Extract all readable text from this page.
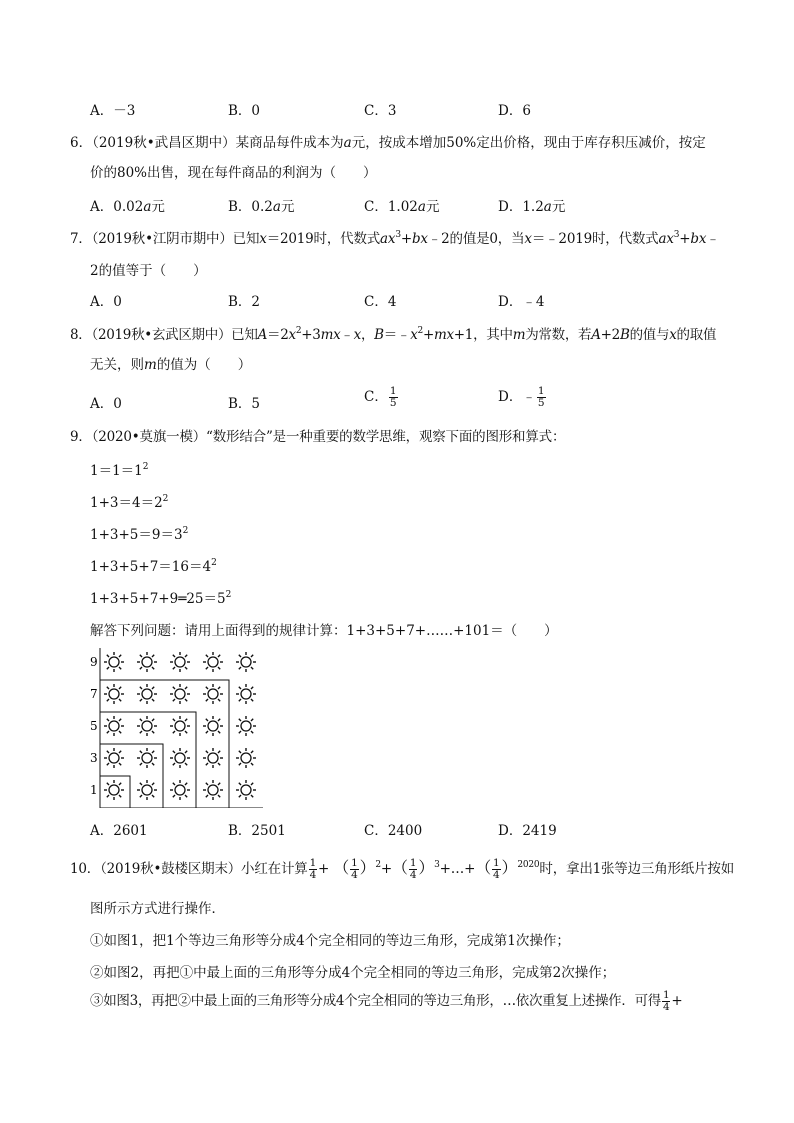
A．－3	B．0	C．3	D．6
6．（2019秋•武昌区期中）某商品每件成本为a元，按成本增加50%定出价格，现由于库存积压减价，按定
价的80%出售，现在每件商品的利润为（　　）
A．0.02a元	B．0.2a元	C．1.02a元	D．1.2a元
7．（2019秋•江阴市期中）已知x＝2019时，代数式$ax^3+bx﹣2$的值是0，当x＝﹣2019时，代数式$ax^3+bx﹣$
2的值等于（　　）
A．0	B．2	C．4	D．﹣4
8．（2019秋•玄武区期中）已知$A=2x^2+3mx﹣x$，$B=﹣x^2+mx+1$，其中m为常数，若A+2B的值与x的取值
无关，则m的值为（　　）
A．0	B．5	C． $\frac{1}{5}$	D．﹣ $\frac{1}{5}$
9．（2020•莫旗一模）“数形结合”是一种重要的数学思维，观察下面的图形和算式：
$1=1=1^2$
$1+3=4=2^2$
$1+3+5=9=3^2$
$1+3+5+7=16=4^2$
$1+3+5+7+9═25=5^2$
解答下列问题：请用上面得到的规律计算：1+3+5+7+……+101＝（　　）
9
7
5
3
1
A．2601	B．2501	C．2400	D．2419
10．（2019秋•鼓楼区期末）小红在计算 $\frac{1}{4}$ + （ $\frac{1}{4} )^2+( \frac{1}{4}$ ）$^3+\dots+( \frac{1}{4} )^{2020}$时，拿出1张等边三角形纸片按如
图所示方式进行操作．
①如图1，把1个等边三角形等分成4个完全相同的等边三角形，完成第1次操作；
②如图2，再把①中最上面的三角形等分成4个完全相同的等边三角形，完成第2次操作；
③如图3，再把②中最上面的三角形等分成4个完全相同的等边三角形，…依次重复上述操作．可得 $\frac{1}{4}$ +
